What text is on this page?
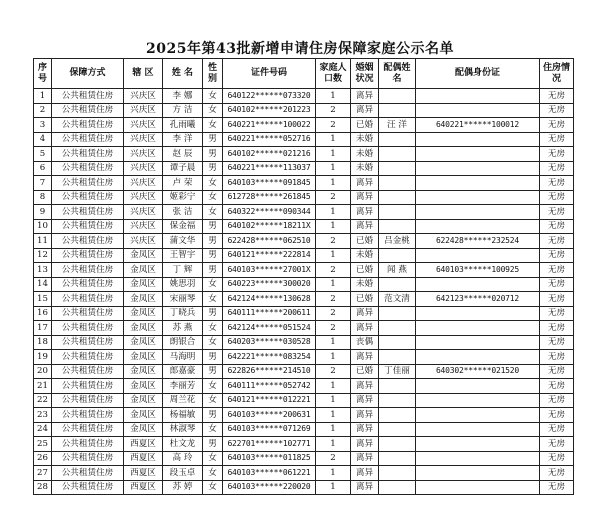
2025年第43批新增申请住房保障家庭公示名单
序号	保障方式	辖 区	姓 名	性别	证件号码	家庭人口数	婚姻状况	配偶姓名	配偶身份证	住房情况

1	公共租赁住房	兴庆区	李 娜	女	640122******073320	1	离异			无房
2	公共租赁住房	兴庆区	方 洁	女	640102******201223	2	离异			无房
3	公共租赁住房	兴庆区	孔雨曦	女	640221******100022	2	已婚	汪 洋	640221******100012	无房
4	公共租赁住房	兴庆区	李 洋	男	640221******052716	1	未婚			无房
5	公共租赁住房	兴庆区	赵 辰	男	640102******021216	1	未婚			无房
6	公共租赁住房	兴庆区	谭子晨	男	640221******113037	1	未婚			无房
7	公共租赁住房	兴庆区	卢 荣	女	640103******091845	1	离异			无房
8	公共租赁住房	兴庆区	姬彩宁	女	612728******261845	2	离异			无房
9	公共租赁住房	兴庆区	张 洁	女	640322******090344	1	离异			无房
10	公共租赁住房	兴庆区	保金福	男	640102******18211X	1	离异			无房
11	公共租赁住房	兴庆区	蒲文华	男	622428******062510	2	已婚	吕金桃	622428******232524	无房
12	公共租赁住房	金凤区	王智宇	男	640121******222814	1	未婚			无房
13	公共租赁住房	金凤区	丁 辉	男	640103******27001X	2	已婚	闻 燕	640103******100925	无房
14	公共租赁住房	金凤区	姚思羽	女	640223******300020	1	未婚			无房
15	公共租赁住房	金凤区	宋丽琴	女	642124******130628	2	已婚	范文清	642123******020712	无房
16	公共租赁住房	金凤区	丁晓兵	男	640111******200611	2	离异			无房
17	公共租赁住房	金凤区	苏 燕	女	642124******051524	2	离异			无房
18	公共租赁住房	金凤区	朗银合	女	640203******030528	1	丧偶			无房
19	公共租赁住房	金凤区	马海明	男	642221******083254	1	离异			无房
20	公共租赁住房	金凤区	郎嘉豪	男	622826******214510	2	已婚	丁佳丽	640302******021520	无房
21	公共租赁住房	金凤区	李丽芳	女	640111******052742	1	离异			无房
22	公共租赁住房	金凤区	周兰花	女	640121******012221	1	离异			无房
23	公共租赁住房	金凤区	杨福敏	男	640103******200631	1	离异			无房
24	公共租赁住房	金凤区	林淑琴	女	640103******071269	1	离异			无房
25	公共租赁住房	西夏区	杜文龙	男	622701******102771	1	离异			无房
26	公共租赁住房	西夏区	高 玲	女	640103******011825	2	离异			无房
27	公共租赁住房	西夏区	段玉卓	女	640103******061221	1	离异			无房
28	公共租赁住房	西夏区	苏 婷	女	640103******220020	1	离异			无房
